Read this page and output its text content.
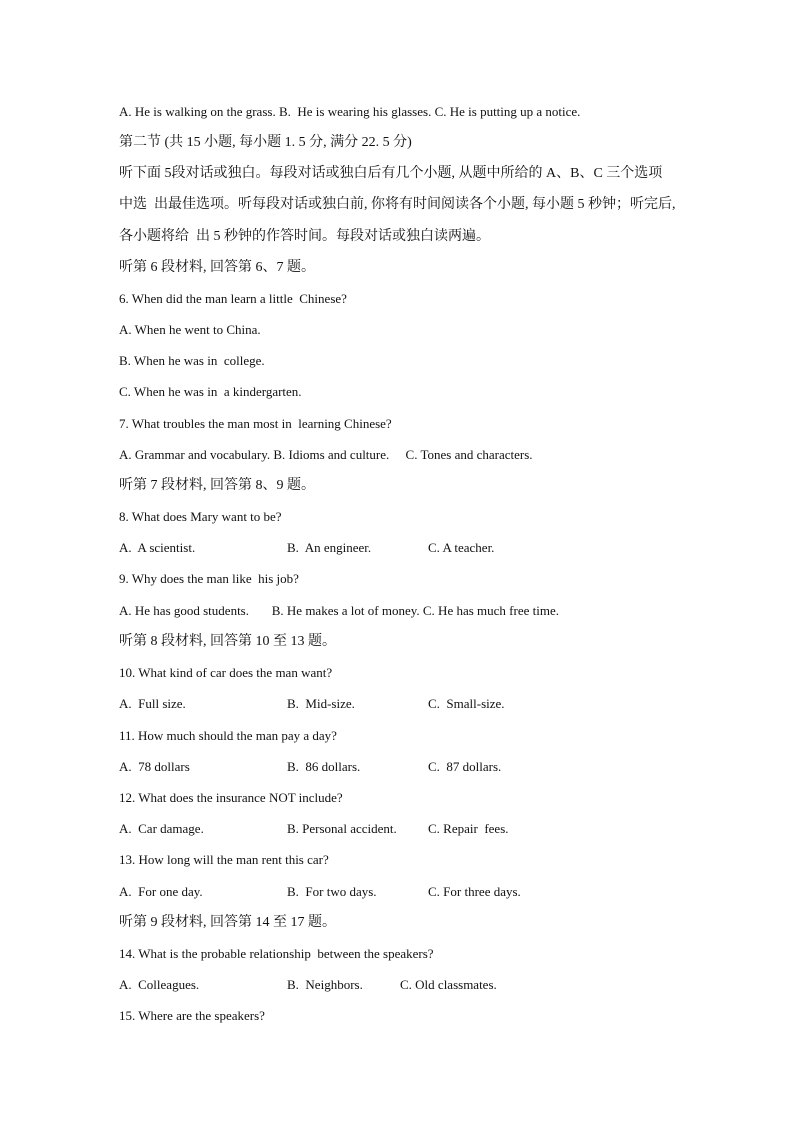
A. He is walking on the grass. B.  He is wearing his glasses. C. He is putting up a notice.
第二节 (共 15 小题, 每小题 1. 5 分, 满分 22. 5 分)
听下面 5段对话或独白。每段对话或独白后有几个小题, 从题中所给的 A、B、C 三个选项
中选  出最佳选项。听每段对话或独白前, 你将有时间阅读各个小题, 每小题 5 秒钟；听完后,
各小题将给  出 5 秒钟的作答时间。每段对话或独白读两遍。
听第 6 段材料, 回答第 6、7 题。
6. When did the man learn a little  Chinese?
A. When he went to China.
B. When he was in  college.
C. When he was in  a kindergarten.
7. What troubles the man most in  learning Chinese?
A. Grammar and vocabulary. B. Idioms and culture.     C. Tones and characters.
听第 7 段材料, 回答第 8、9 题。
8. What does Mary want to be?
A.  A scientist.	B.  An engineer.	C. A teacher.
9. Why does the man like  his job?
A. He has good students.       B. He makes a lot of money. C. He has much free time.
听第 8 段材料, 回答第 10 至 13 题。
10. What kind of car does the man want?
A.  Full size.	B.  Mid-size.	C.  Small-size.
11. How much should the man pay a day?
A.  78 dollars	B.  86 dollars.	C.  87 dollars.
12. What does the insurance NOT include?
A.  Car damage.	B. Personal accident. C. Repair  fees.
13. How long will the man rent this car?
A.  For one day.	B.  For two days.	C. For three days.
听第 9 段材料, 回答第 14 至 17 题。
14. What is the probable relationship  between the speakers?
A.  Colleagues.	B.  Neighbors.	C. Old classmates.
15. Where are the speakers?
